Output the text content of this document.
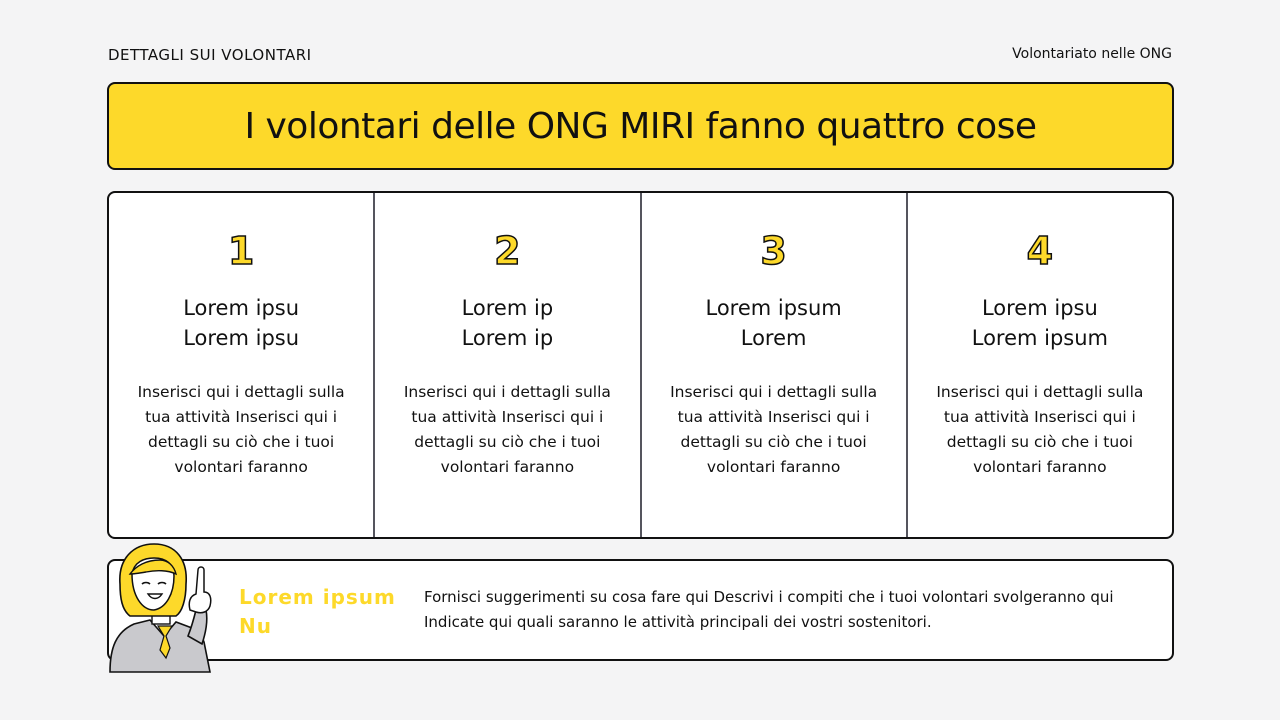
DETTAGLI SUI VOLONTARI	Volontariato nelle ONG
I volontari delle ONG MIRI fanno quattro cose
1
Lorem ipsu
Lorem ipsu
Inserisci qui i dettagli sulla tua attività Inserisci qui i dettagli su ciò che i tuoi volontari faranno
2
Lorem ip
Lorem ip
Inserisci qui i dettagli sulla tua attività Inserisci qui i dettagli su ciò che i tuoi volontari faranno
3
Lorem ipsum
Lorem
Inserisci qui i dettagli sulla tua attività Inserisci qui i dettagli su ciò che i tuoi volontari faranno
4
Lorem ipsu
Lorem ipsum
Inserisci qui i dettagli sulla tua attività Inserisci qui i dettagli su ciò che i tuoi volontari faranno
Lorem ipsum Nu
Fornisci suggerimenti su cosa fare qui Descrivi i compiti che i tuoi volontari svolgeranno qui Indicate qui quali saranno le attività principali dei vostri sostenitori.
